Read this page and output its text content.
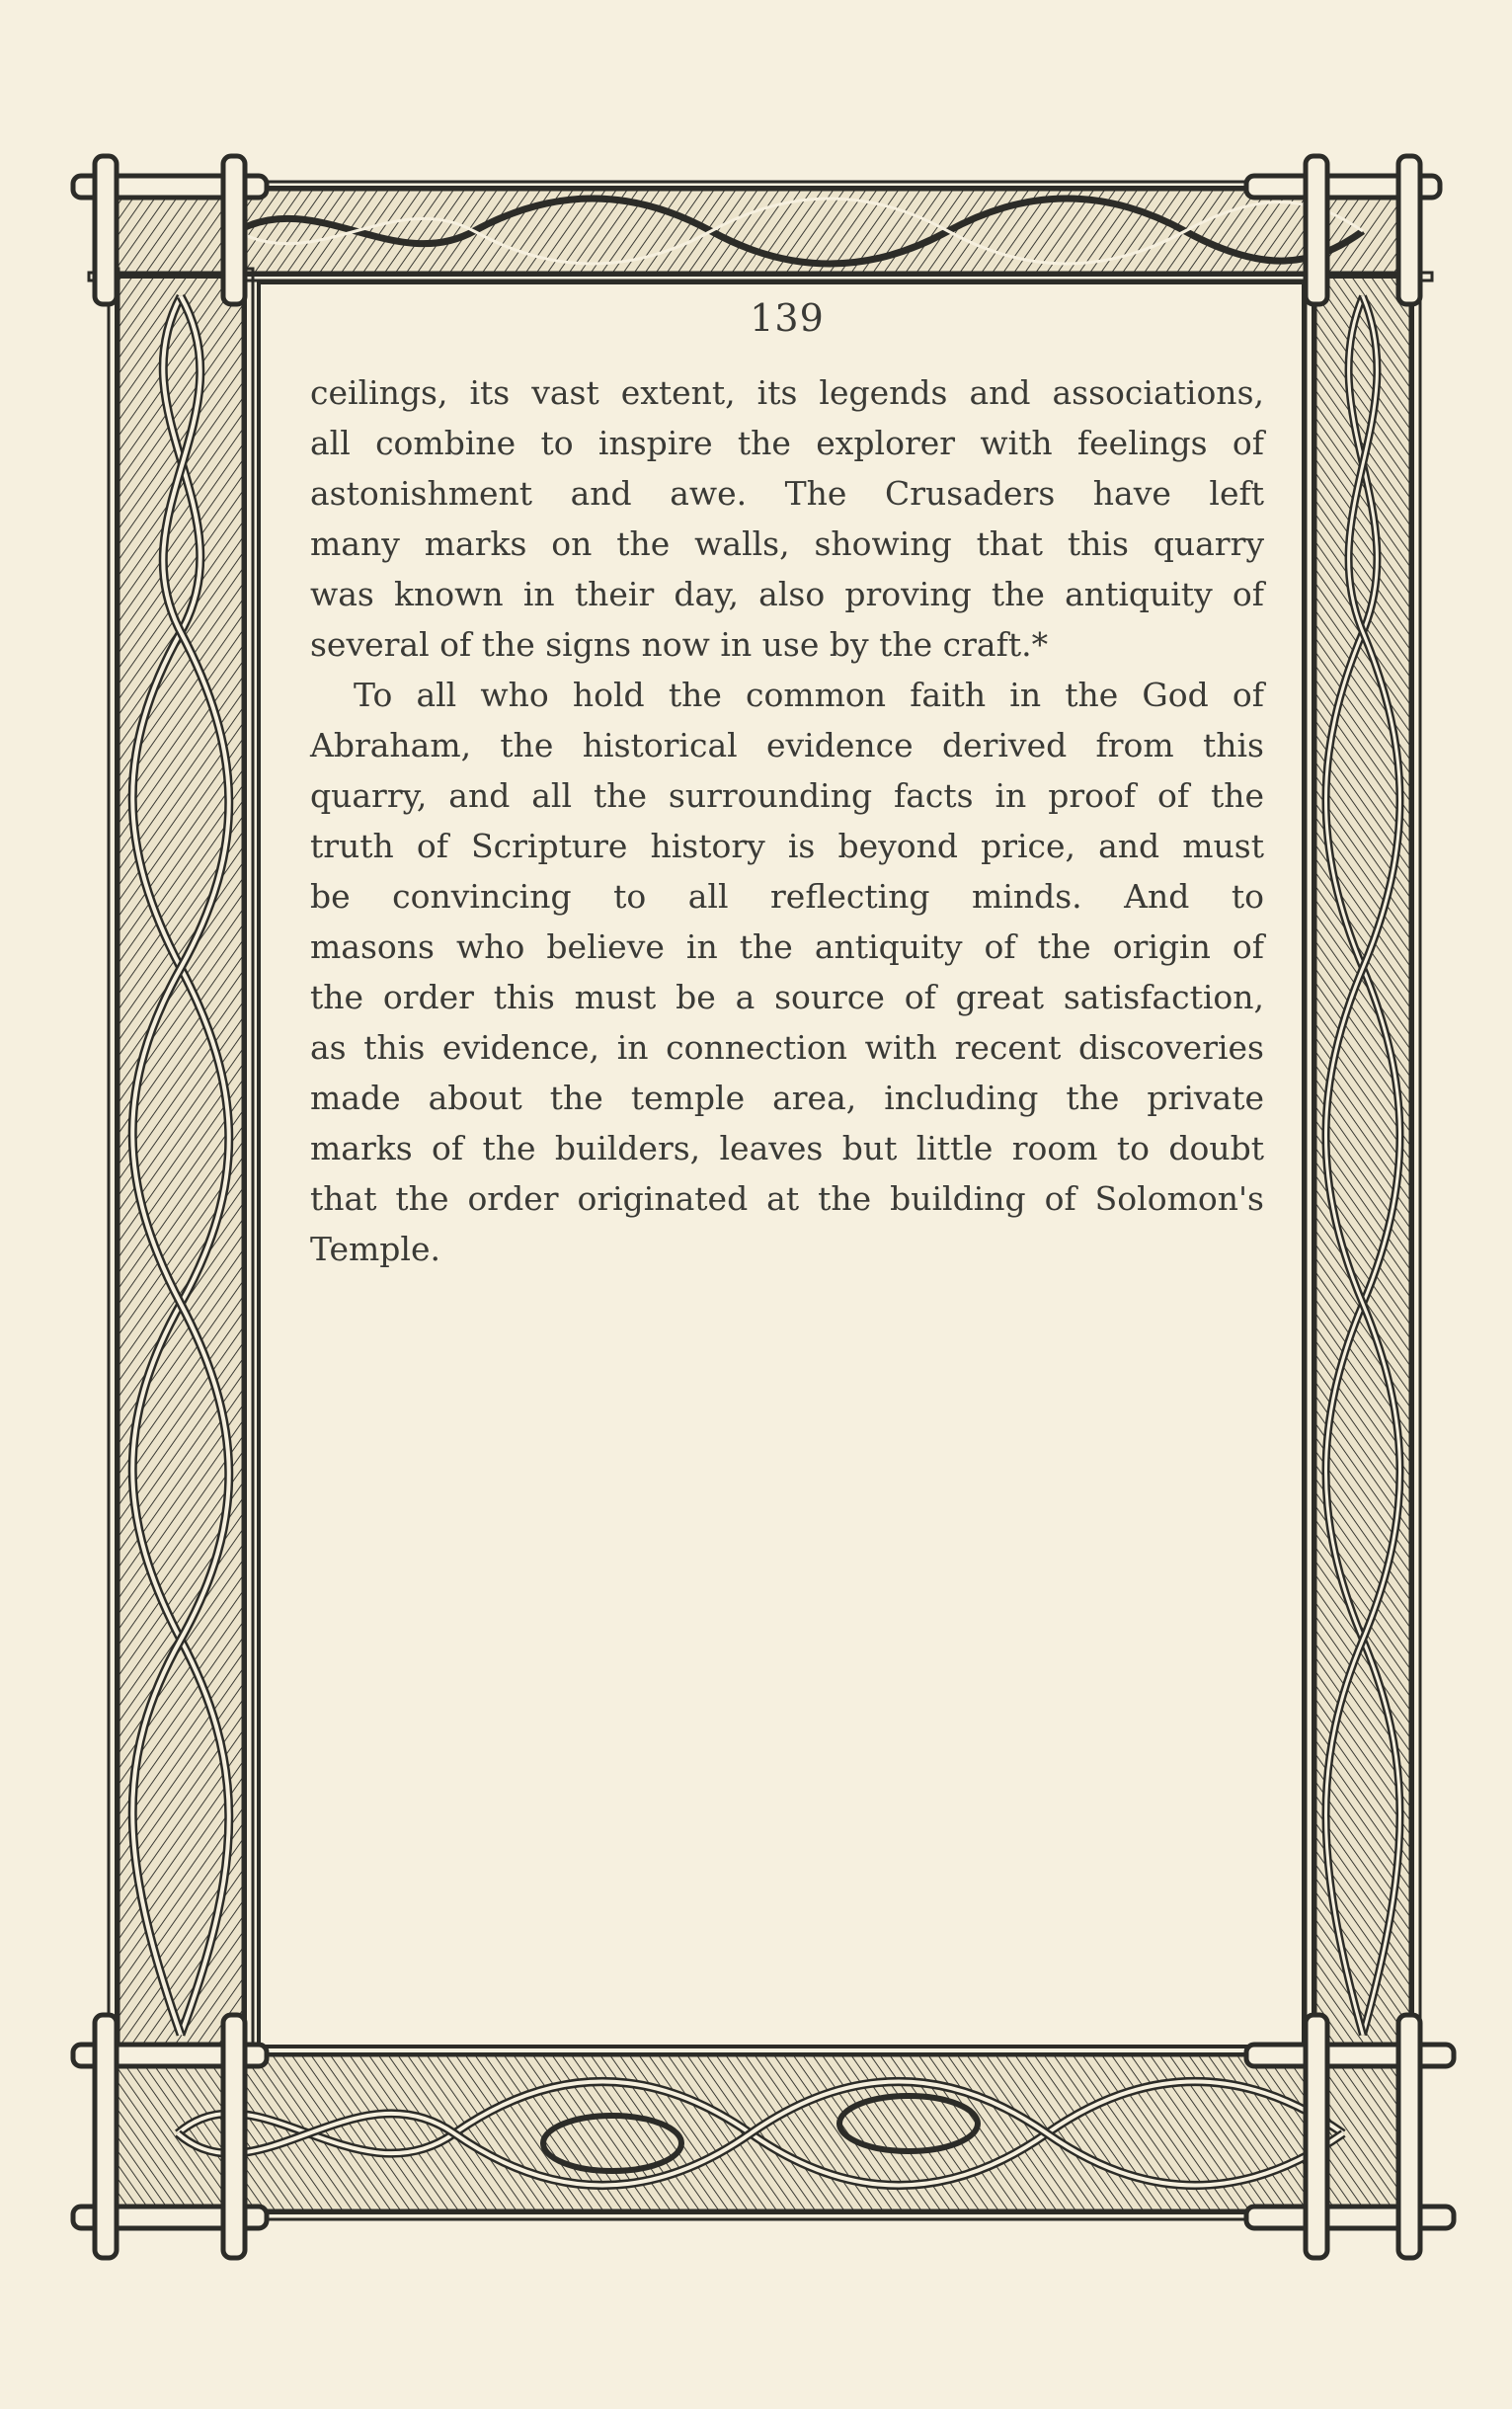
139
ceilings, its vast extent, its legends and associations,
all combine to inspire the explorer with feelings of
astonishment and awe. The Crusaders have left
many marks on the walls, showing that this quarry
was known in their day, also proving the antiquity of
several of the signs now in use by the craft.*
To all who hold the common faith in the God of
Abraham, the historical evidence derived from this
quarry, and all the surrounding facts in proof of the
truth of Scripture history is beyond price, and must
be convincing to all reflecting minds. And to
masons who believe in the antiquity of the origin of
the order this must be a source of great satisfaction,
as this evidence, in connection with recent discoveries
made about the temple area, including the private
marks of the builders, leaves but little room to doubt
that the order originated at the building of Solomon's
Temple.
